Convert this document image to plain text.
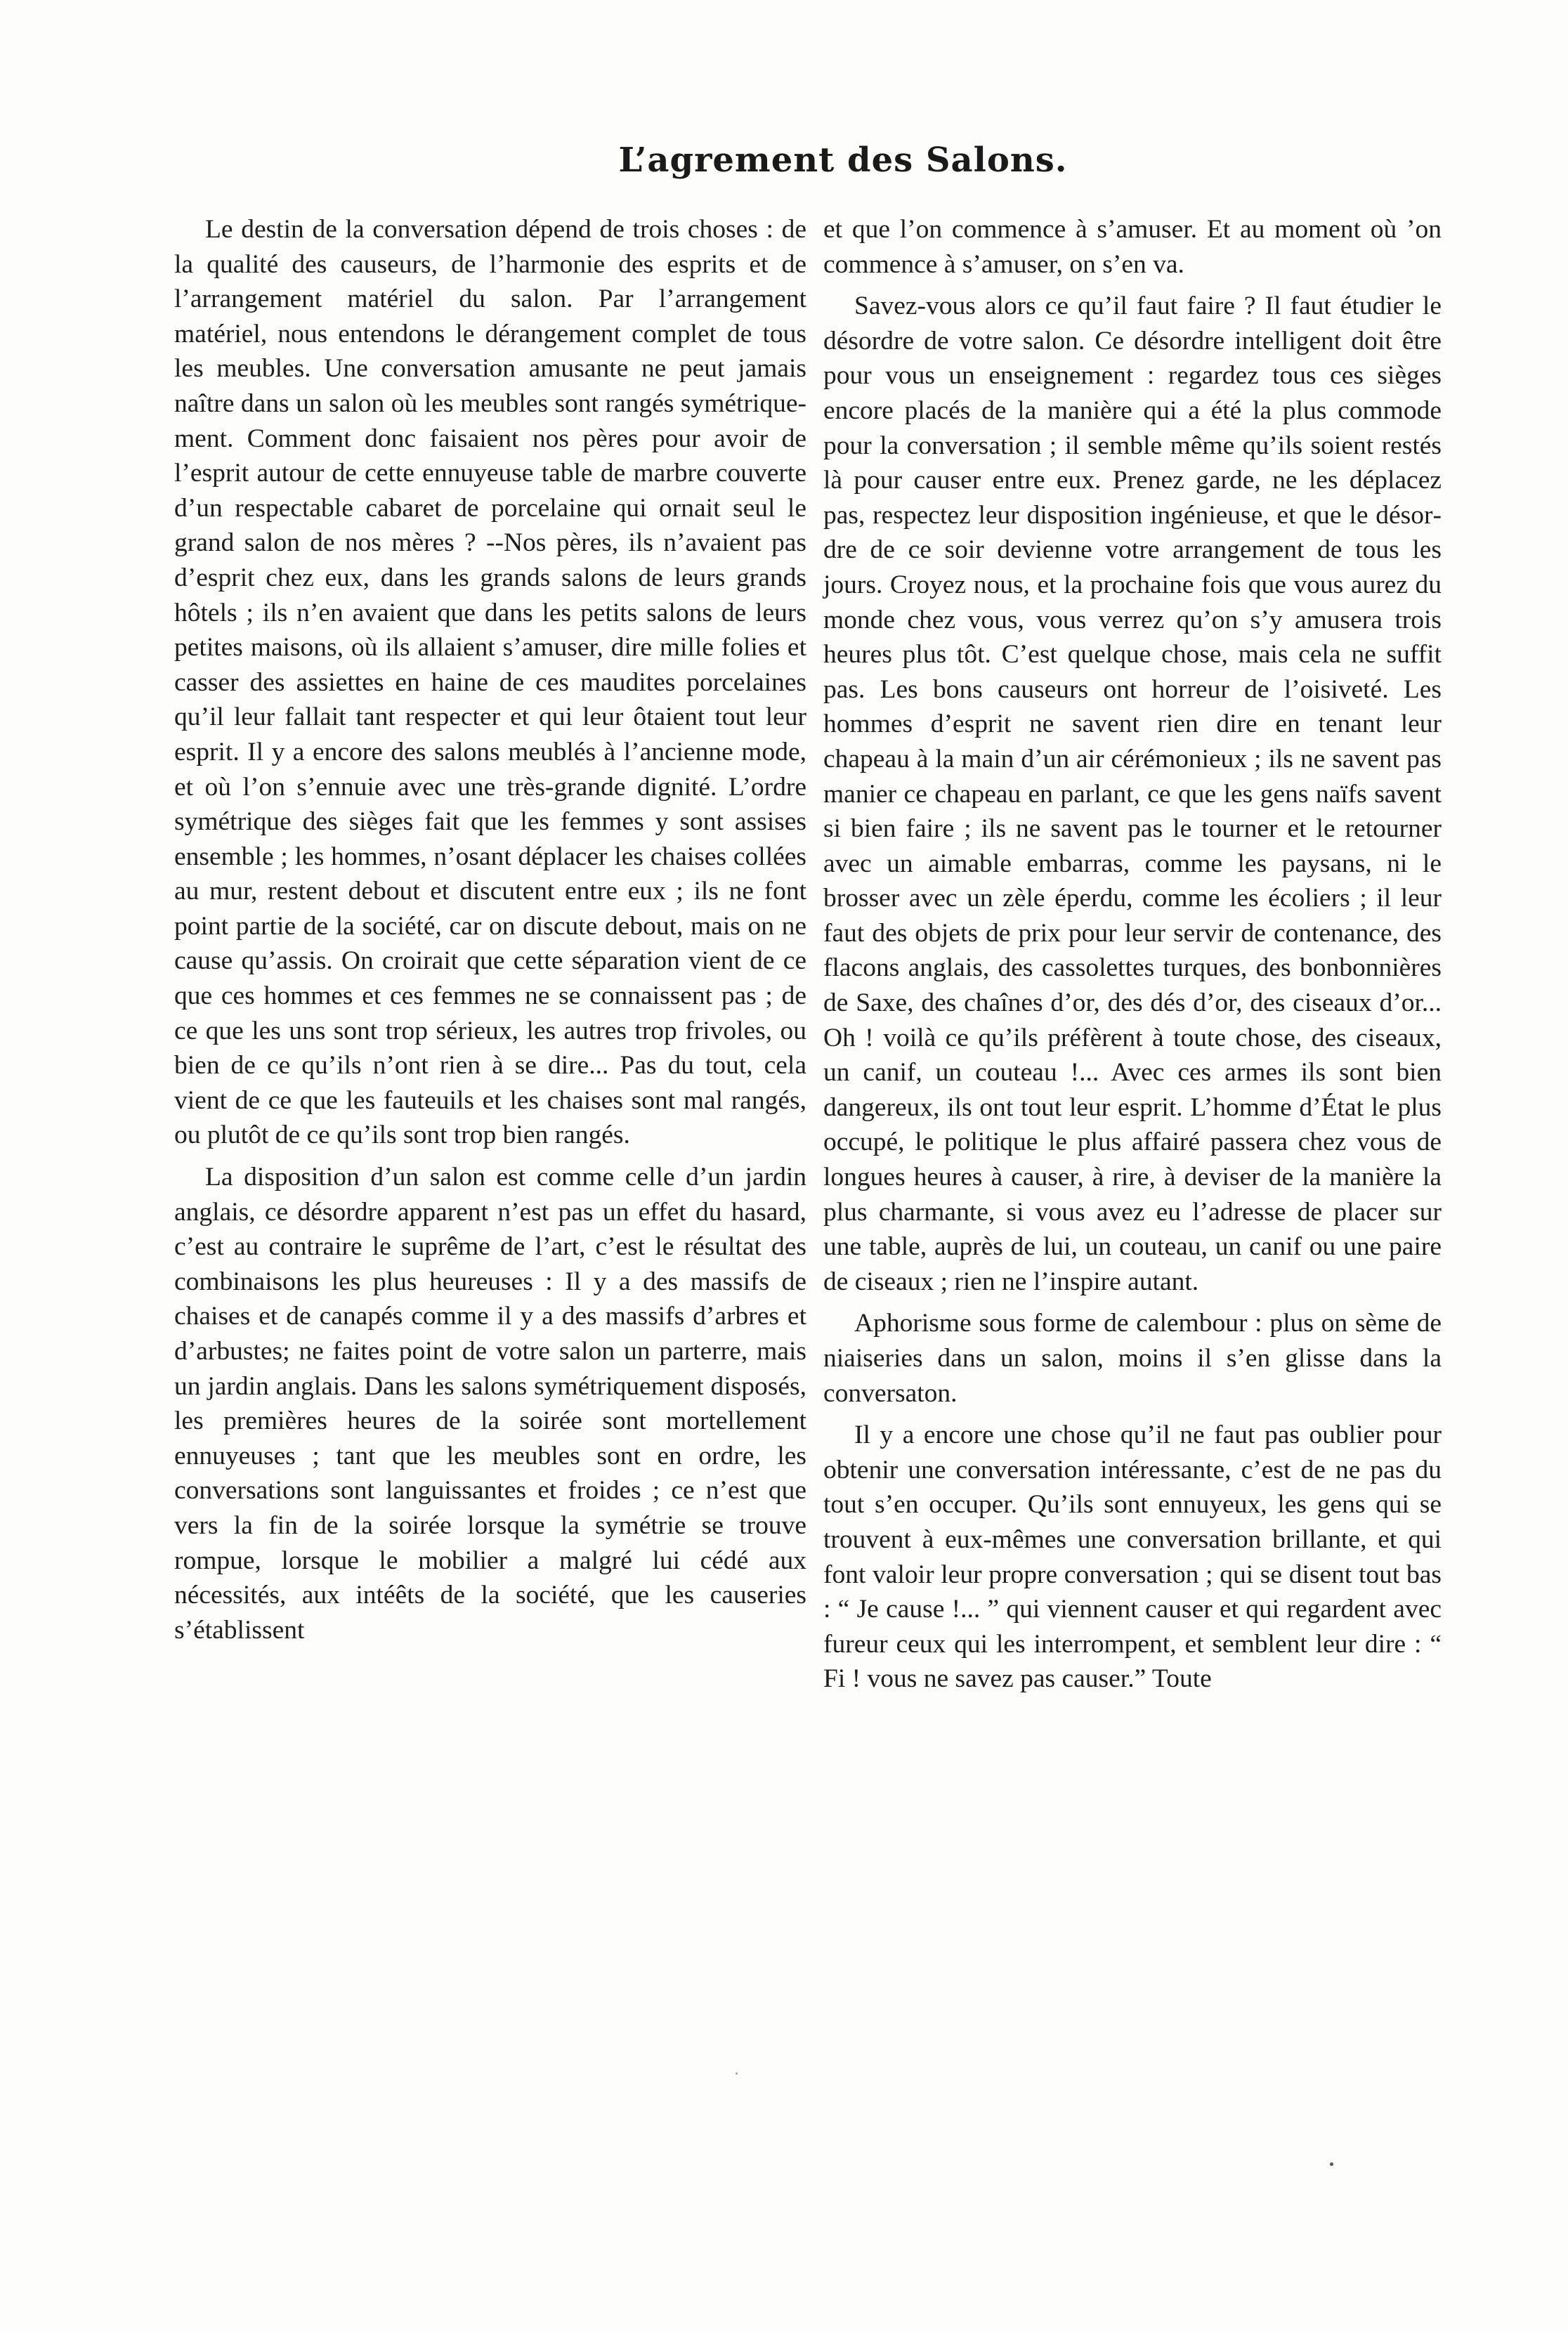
L’agrement des Salons.

Le destin de la conversation dépend de trois choses : de la qualité des causeurs, de l’harmonie des esprits et de l’arrangement matériel du salon. Par l’arrangement matériel, nous entendons le dérangement complet de tous les meubles. Une conversation amusante ne peut jamais naître dans un salon où les meubles sont rangés symétriquement. Comment donc faisaient nos pères pour avoir de l’esprit autour de cette ennuyeuse table de marbre couverte d’un respectable cabaret de porcelaine qui ornait seul le grand salon de nos mères ? --Nos pères, ils n’avaient pas d’esprit chez eux, dans les grands salons de leurs grands hôtels ; ils n’en avaient que dans les petits salons de leurs petites maisons, où ils allaient s’amuser, dire mille folies et casser des assiettes en haine de ces maudites porcelaines qu’il leur fallait tant respecter et qui leur ôtaient tout leur esprit. Il y a encore des salons meublés à l’ancienne mode, et où l’on s’ennuie avec une très-grande dignité. L’ordre symétrique des sièges fait que les femmes y sont assises ensemble ; les hommes, n’osant déplacer les chaises collées au mur, restent debout et discutent entre eux ; ils ne font point partie de la société, car on discute debout, mais on ne cause qu’assis. On croirait que cette séparation vient de ce que ces hommes et ces femmes ne se connaissent pas ; de ce que les uns sont trop sérieux, les autres trop frivoles, ou bien de ce qu’ils n’ont rien à se dire... Pas du tout, cela vient de ce que les fauteuils et les chaises sont mal rangés, ou plutôt de ce qu’ils sont trop bien rangés.

La disposition d’un salon est comme celle d’un jardin anglais, ce désordre apparent n’est pas un effet du hasard, c’est au contraire le suprême de l’art, c’est le résultat des combinaisons les plus heureuses : Il y a des massifs de chaises et de canapés comme il y a des massifs d’arbres et d’arbustes; ne faites point de votre salon un parterre, mais un jardin anglais. Dans les salons symétriquement disposés, les premières heures de la soirée sont mortellement ennuyeuses ; tant que les meubles sont en ordre, les conversations sont languissantes et froides ; ce n’est que vers la fin de la soirée lorsque la symétrie se trouve rompue, lorsque le mobilier a malgré lui cédé aux nécessités, aux intéêts de la société, que les causeries s’établissent

et que l’on commence à s’amuser. Et au moment où ’on commence à s’amuser, on s’en va.

Savez-vous alors ce qu’il faut faire ? Il faut étudier le désordre de votre salon. Ce désordre intelligent doit être pour vous un enseignement : regardez tous ces sièges encore placés de la manière qui a été la plus commode pour la conversation ; il semble même qu’ils soient restés là pour causer entre eux. Prenez garde, ne les déplacez pas, respectez leur disposition ingénieuse, et que le désordre de ce soir devienne votre arrangement de tous les jours. Croyez nous, et la prochaine fois que vous aurez du monde chez vous, vous verrez qu’on s’y amusera trois heures plus tôt. C’est quelque chose, mais cela ne suffit pas. Les bons causeurs ont horreur de l’oisiveté. Les hommes d’esprit ne savent rien dire en tenant leur chapeau à la main d’un air cérémonieux ; ils ne savent pas manier ce chapeau en parlant, ce que les gens naïfs savent si bien faire ; ils ne savent pas le tourner et le retourner avec un aimable embarras, comme les paysans, ni le brosser avec un zèle éperdu, comme les écoliers ; il leur faut des objets de prix pour leur servir de contenance, des flacons anglais, des cassolettes turques, des bonbonnières de Saxe, des chaînes d’or, des dés d’or, des ciseaux d’or... Oh ! voilà ce qu’ils préfèrent à toute chose, des ciseaux, un canif, un couteau !... Avec ces armes ils sont bien dangereux, ils ont tout leur esprit. L’homme d’État le plus occupé, le politique le plus affairé passera chez vous de longues heures à causer, à rire, à deviser de la manière la plus charmante, si vous avez eu l’adresse de placer sur une table, auprès de lui, un couteau, un canif ou une paire de ciseaux ; rien ne l’inspire autant.

Aphorisme sous forme de calembour : plus on sème de niaiseries dans un salon, moins il s’en glisse dans la conversaton.

Il y a encore une chose qu’il ne faut pas oublier pour obtenir une conversation intéressante, c’est de ne pas du tout s’en occuper. Qu’ils sont ennuyeux, les gens qui se trouvent à eux-mêmes une conversation brillante, et qui font valoir leur propre conversation ; qui se disent tout bas : “ Je cause !... ” qui viennent causer et qui regardent avec fureur ceux qui les interrompent, et semblent leur dire : “ Fi ! vous ne savez pas causer.” Toute
